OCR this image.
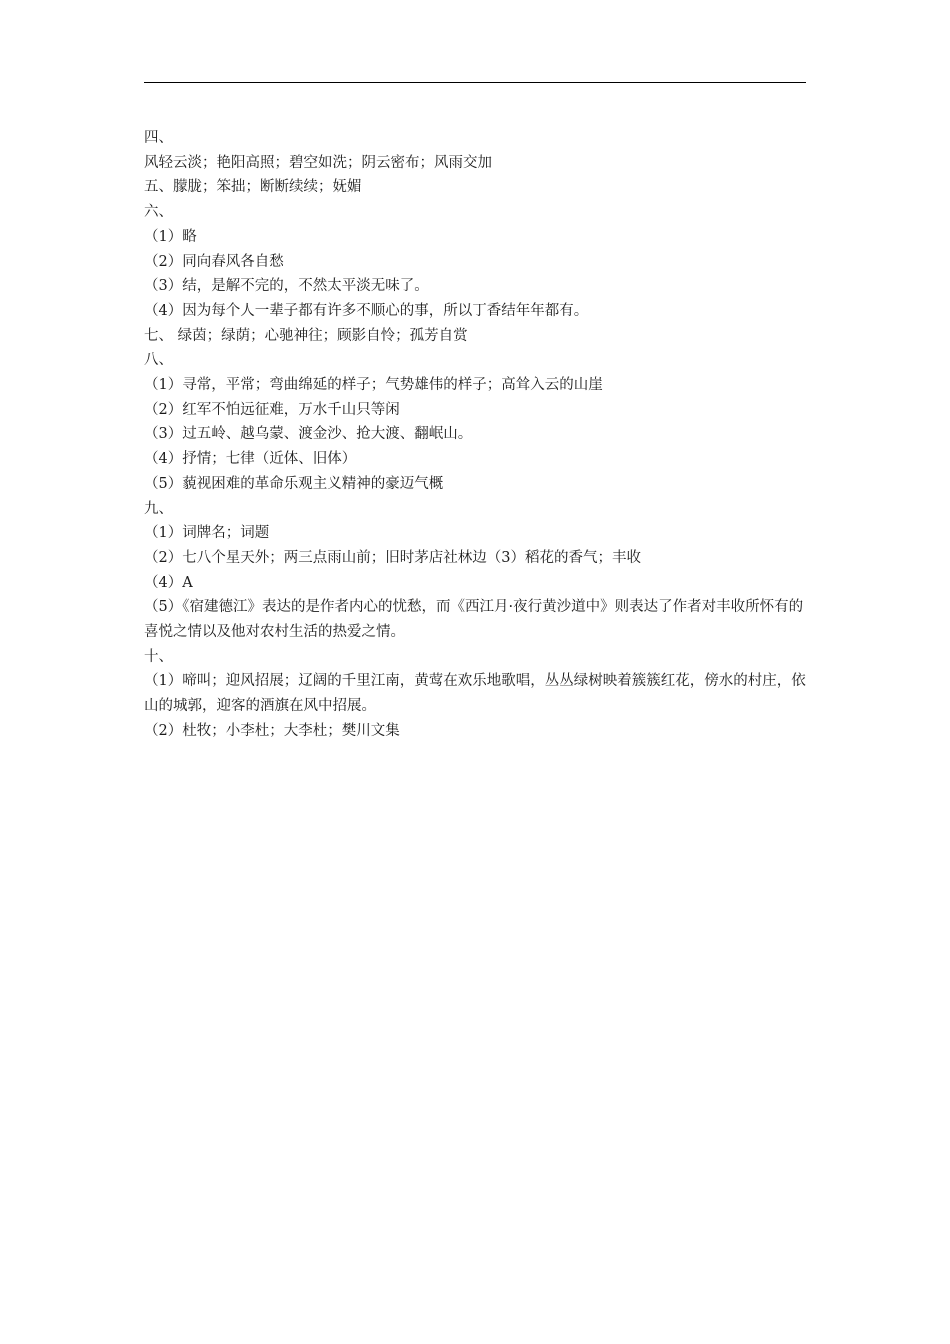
四、

风轻云淡；艳阳高照；碧空如洗；阴云密布；风雨交加

五、朦胧；笨拙；断断续续；妩媚

六、

（1）略

（2）同向春风各自愁

（3）结，是解不完的，不然太平淡无味了。

（4）因为每个人一辈子都有许多不顺心的事，所以丁香结年年都有。

七、 绿茵；绿荫；心驰神往；顾影自怜；孤芳自赏

八、

（1）寻常，平常；弯曲绵延的样子；气势雄伟的样子；高耸入云的山崖

（2）红军不怕远征难，万水千山只等闲

（3）过五岭、越乌蒙、渡金沙、抢大渡、翻岷山。

（4）抒情；七律（近体、旧体）

（5）藐视困难的革命乐观主义精神的豪迈气概

九、

（1）词牌名；词题

（2）七八个星天外；两三点雨山前；旧时茅店社林边（3）稻花的香气；丰收

（4）A

（5）《宿建德江》表达的是作者内心的忧愁，而《西江月·夜行黄沙道中》则表达了作者对丰收所怀有的喜悦之情以及他对农村生活的热爱之情。

十、

（1）啼叫；迎风招展；辽阔的千里江南，黄莺在欢乐地歌唱，丛丛绿树映着簇簇红花，傍水的村庄，依山的城郭，迎客的酒旗在风中招展。

（2）杜牧；小李杜；大李杜；樊川文集
